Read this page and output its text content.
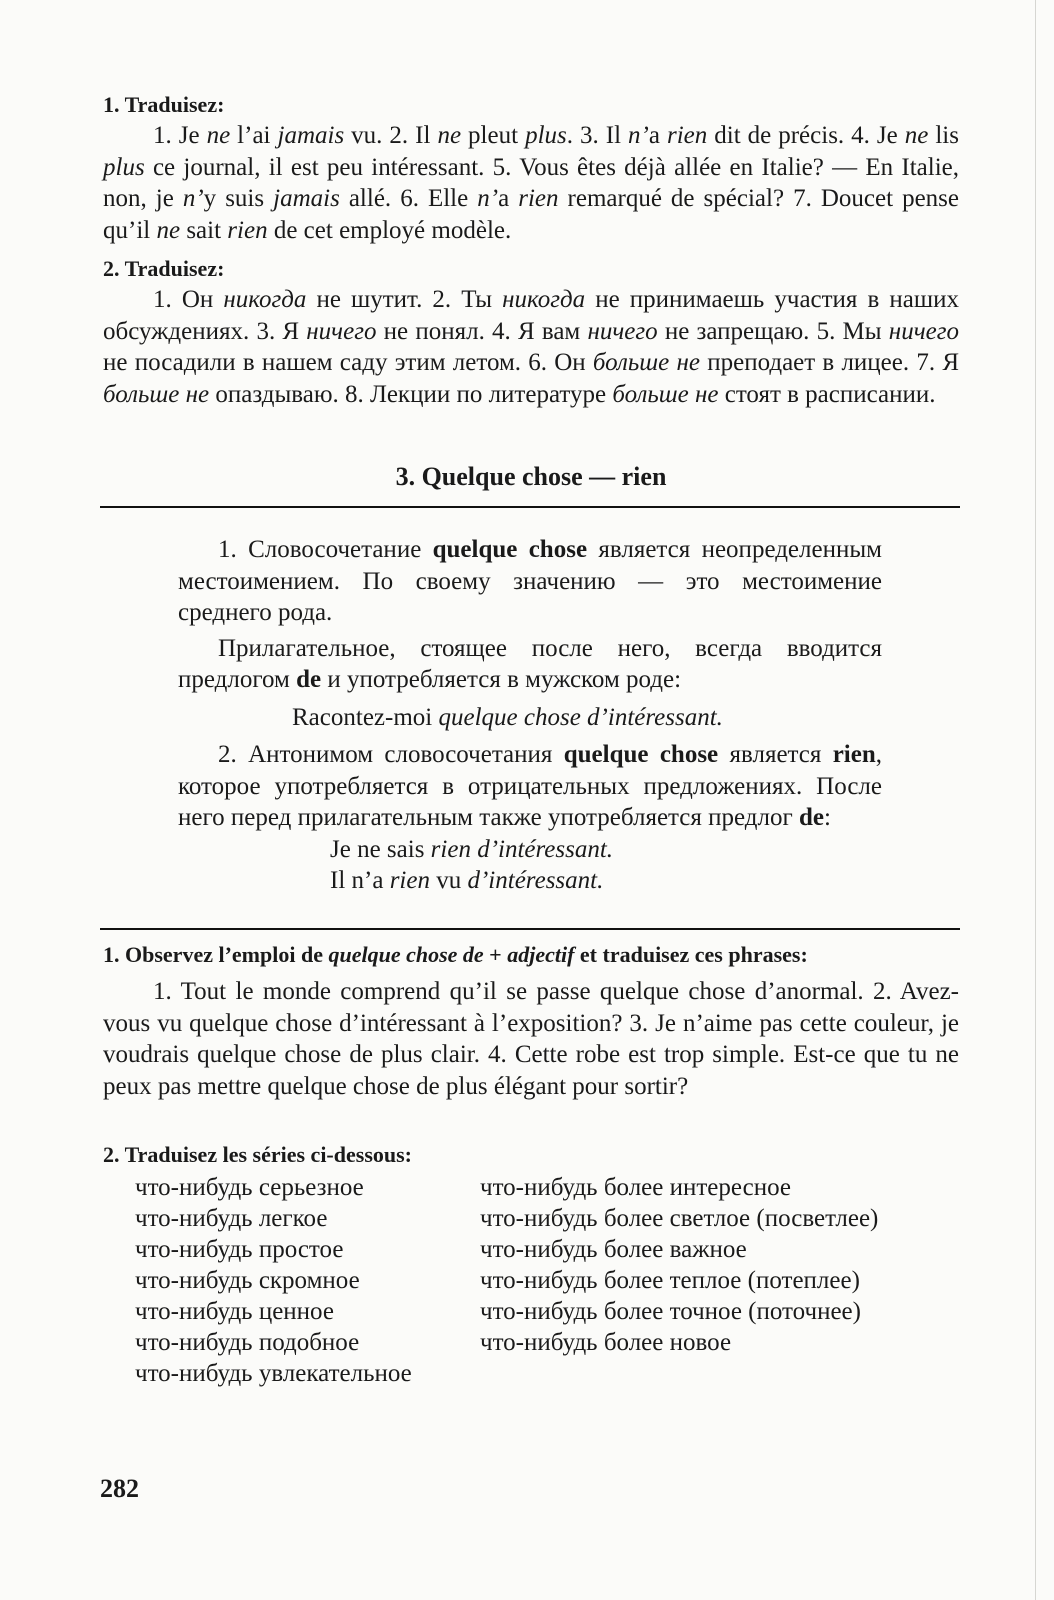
1. Traduisez:

1. Je ne l’ai jamais vu. 2. Il ne pleut plus. 3. Il n’a rien dit de précis. 4. Je ne lis plus ce journal, il est peu intéressant. 5. Vous êtes déjà allée en Italie? — En Italie, non, je n’y suis jamais allé. 6. Elle n’a rien remarqué de spécial? 7. Doucet pense qu’il ne sait rien de cet employé modèle.

2. Traduisez:

1. Он никогда не шутит. 2. Ты никогда не принимаешь участия в наших обсуждениях. 3. Я ничего не понял. 4. Я вам ничего не запрещаю. 5. Мы ничего не посадили в нашем саду этим летом. 6. Он больше не преподает в лицее. 7. Я больше не опаздываю. 8. Лекции по литературе больше не стоят в расписании.

3. Quelque chose — rien

1. Словосочетание quelque chose является неопределенным местоимением. По своему значению — это местоимение среднего рода.

Прилагательное, стоящее после него, всегда вводится предлогом de и употребляется в мужском роде:

Racontez-moi quelque chose d’intéressant.

2. Антонимом словосочетания quelque chose является rien, которое употребляется в отрицательных предложениях. После него перед прилагательным также употребляется предлог de:

Je ne sais rien d’intéressant.

Il n’a rien vu d’intéressant.

1. Observez l’emploi de quelque chose de + adjectif et traduisez ces phrases:

1. Tout le monde comprend qu’il se passe quelque chose d’anormal. 2. Avez-vous vu quelque chose d’intéressant à l’exposition? 3. Je n’aime pas cette couleur, je voudrais quelque chose de plus clair. 4. Cette robe est trop simple. Est-ce que tu ne peux pas mettre quelque chose de plus élégant pour sortir?

2. Traduisez les séries ci-dessous:

что-нибудь серьезное
что-нибудь легкое
что-нибудь простое
что-нибудь скромное
что-нибудь ценное
что-нибудь подобное
что-нибудь увлекательное
что-нибудь более интересное
что-нибудь более светлое (посветлее)
что-нибудь более важное
что-нибудь более теплое (потеплее)
что-нибудь более точное (поточнее)
что-нибудь более новое
282
